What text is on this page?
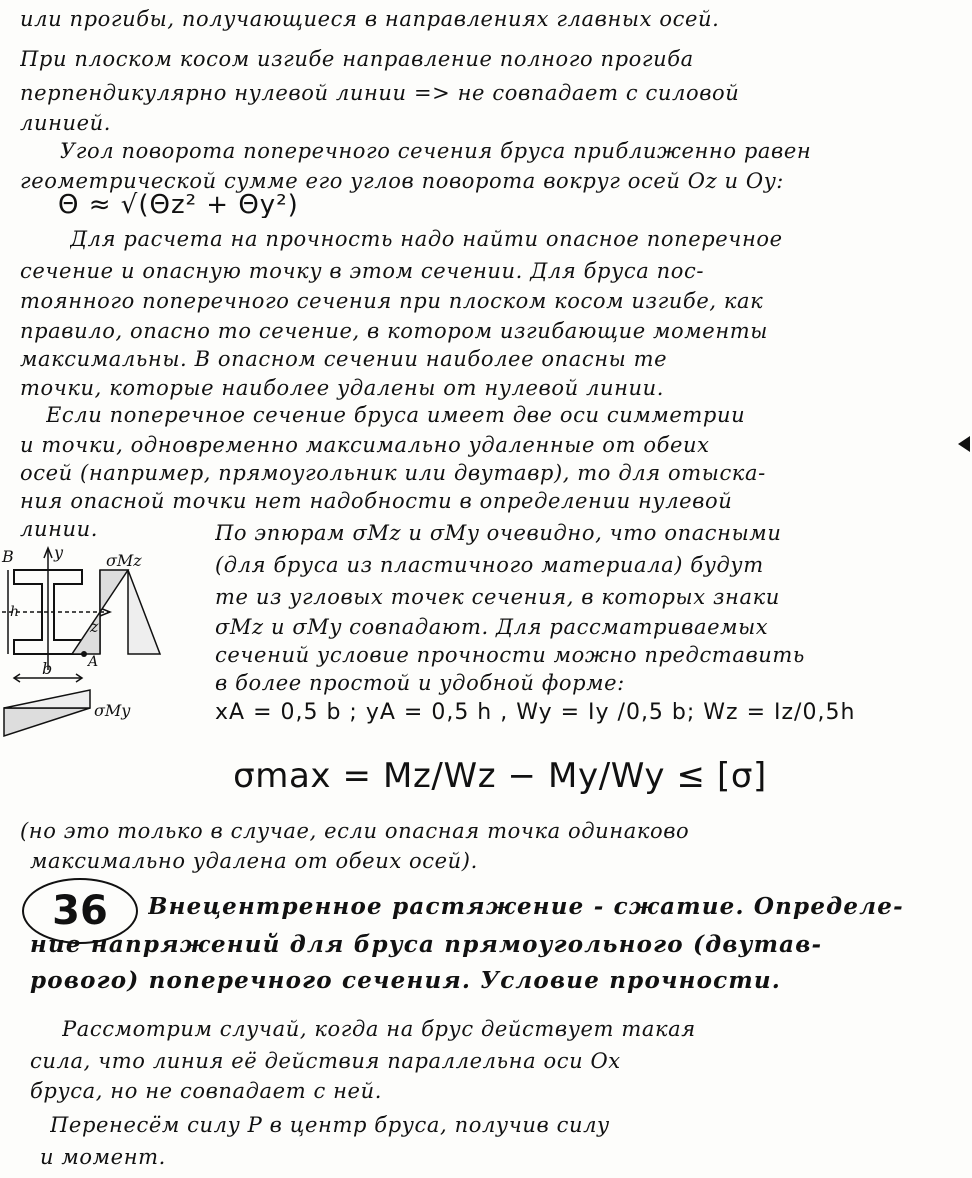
или прогибы, получающиеся в направлениях главных осей.
При плоском косом изгибе направление полного прогиба
перпендикулярно нулевой линии => не совпадает с силовой
линией.
Угол поворота поперечного сечения бруса приближенно равен
геометрической сумме его углов поворота вокруг осей Oz и Oy:
Θ ≈ √(Θz² + Θy²)
Для расчета на прочность надо найти опасное поперечное
сечение и опасную точку в этом сечении. Для бруса пос-
тоянного поперечного сечения при плоском косом изгибе, как
правило, опасно то сечение, в котором изгибающие моменты
максимальны. В опасном сечении наиболее опасны те
точки, которые наиболее удалены от нулевой линии.
Если поперечное сечение бруса имеет две оси симметрии
и точки, одновременно максимально удаленные от обеих
осей (например, прямоугольник или двутавр), то для отыска-
ния опасной точки нет надобности в определении нулевой
линии.	По эпюрам σMz и σMy очевидно, что опасными
(для бруса из пластичного материала) будут
те из угловых точек сечения, в которых знаки
σMz и σMy совпадают. Для рассматриваемых
сечений условие прочности можно представить
в более простой и удобной форме:
xA = 0,5 b ; yA = 0,5 h , Wy = Iy /0,5 b; Wz = Iz/0,5h
σmax = Mz/Wz − My/Wy ≤ [σ]
(но это только в случае, если опасная точка одинаково
максимально удалена от обеих осей).
36	Внецентренное растяжение - сжатие. Определе-
ние напряжений для бруса прямоугольного (двутав-
рового) поперечного сечения. Условие прочности.
Рассмотрим случай, когда на брус действует такая
сила, что линия её действия параллельна оси Ox
бруса, но не совпадает с ней.
Перенесём силу P в центр бруса, получив силу
и момент.
B	y
h
b
z
A
σMz
σMy
